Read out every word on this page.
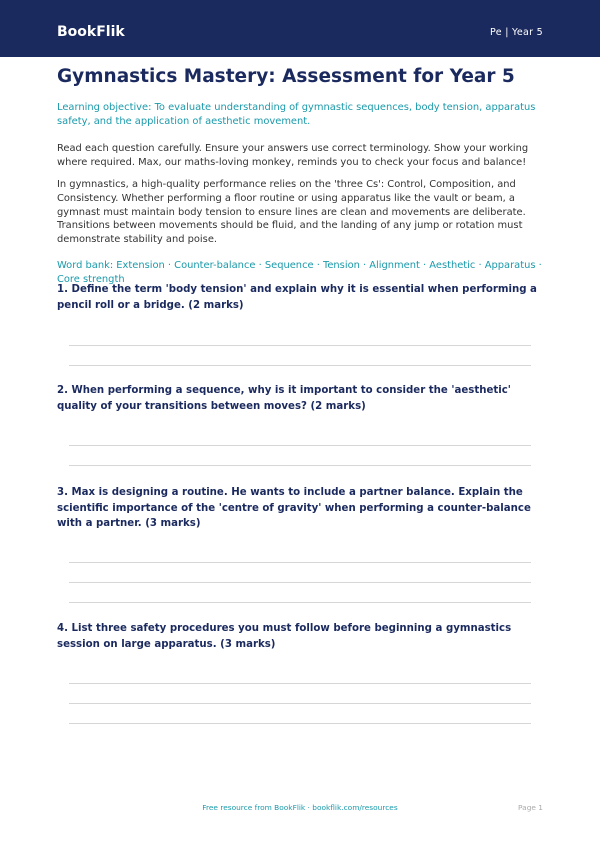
BookFlik	Pe | Year 5
Gymnastics Mastery: Assessment for Year 5

Learning objective: To evaluate understanding of gymnastic sequences, body tension, apparatus safety, and the application of aesthetic movement.

Read each question carefully. Ensure your answers use correct terminology. Show your working where required. Max, our maths-loving monkey, reminds you to check your focus and balance!

In gymnastics, a high-quality performance relies on the 'three Cs': Control, Composition, and Consistency. Whether performing a floor routine or using apparatus like the vault or beam, a gymnast must maintain body tension to ensure lines are clean and movements are deliberate. Transitions between movements should be fluid, and the landing of any jump or rotation must demonstrate stability and poise.

Word bank: Extension · Counter-balance · Sequence · Tension · Alignment · Aesthetic · Apparatus · Core strength

1. Define the term 'body tension' and explain why it is essential when performing a pencil roll or a bridge. (2 marks)

2. When performing a sequence, why is it important to consider the 'aesthetic' quality of your transitions between moves? (2 marks)

3. Max is designing a routine. He wants to include a partner balance. Explain the scientific importance of the 'centre of gravity' when performing a counter-balance with a partner. (3 marks)

4. List three safety procedures you must follow before beginning a gymnastics session on large apparatus. (3 marks)

Free resource from BookFlik · bookflik.com/resources	Page 1
